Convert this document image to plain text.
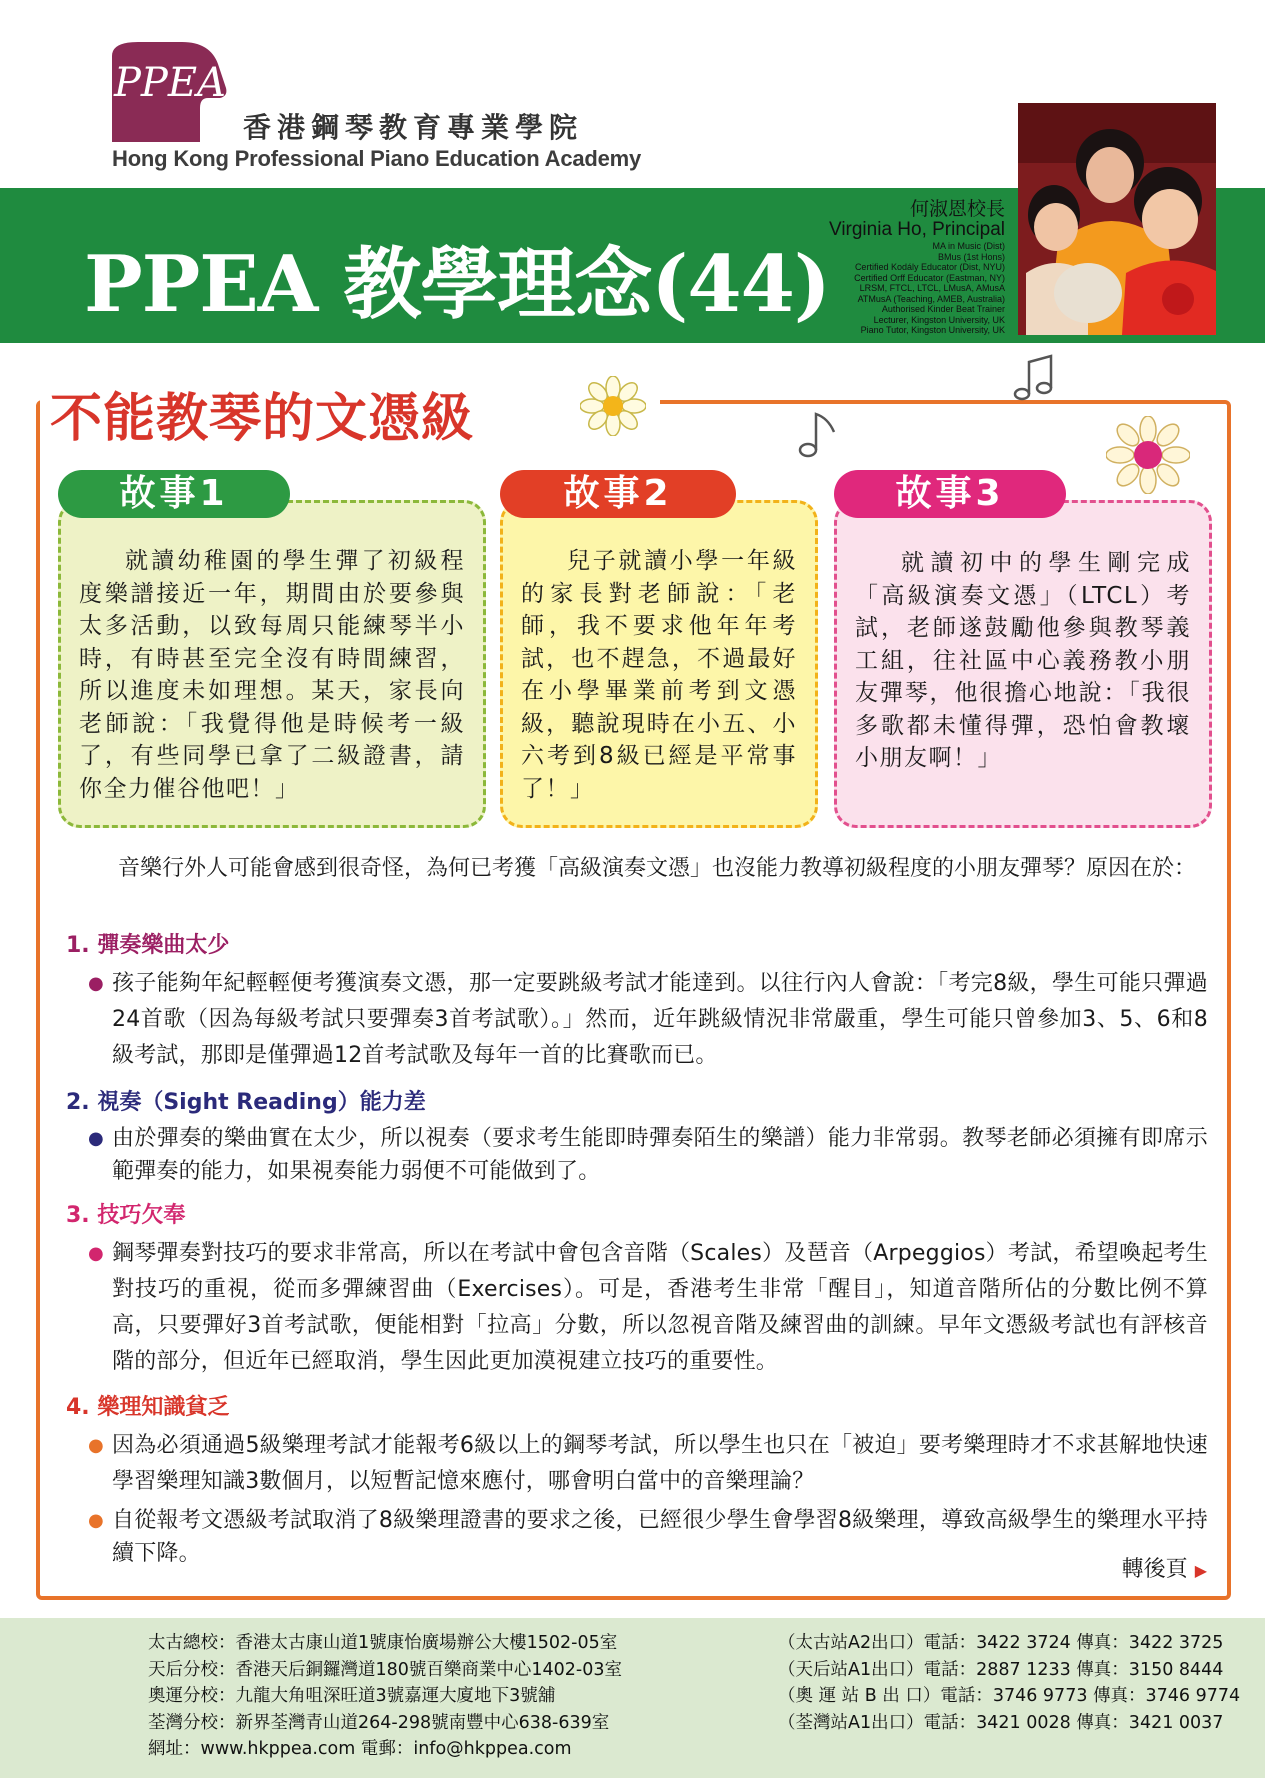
PPEA
香港鋼琴教育專業學院
Hong Kong Professional Piano Education Academy
PPEA 教學理念(44)
何淑恩校長
Virginia Ho, Principal
MA in Music (Dist)
BMus (1st Hons)
Certified Kodály Educator (Dist, NYU)
Certified Orff Educator (Eastman, NY)
LRSM, FTCL, LTCL, LMusA, AMusA
ATMusA (Teaching, AMEB, Australia)
Authorised Kinder Beat Trainer
Lecturer, Kingston University, UK
Piano Tutor, Kingston University, UK
不能教琴的文憑級

就讀幼稚園的學生彈了初級程度樂譜接近一年，期間由於要參與太多活動，以致每周只能練琴半小時，有時甚至完全沒有時間練習，所以進度未如理想。某天，家長向老師說：「我覺得他是時候考一級了，有些同學已拿了二級證書，請你全力催谷他吧！」

故事1

兒子就讀小學一年級的家長對老師說：「老師，我不要求他年年考試，也不趕急，不過最好在小學畢業前考到文憑級，聽說現時在小五、小六考到8級已經是平常事了！」

故事2

就讀初中的學生剛完成「高級演奏文憑」（LTCL）考試，老師遂鼓勵他參與教琴義工組，往社區中心義務教小朋友彈琴，他很擔心地說：「我很多歌都未懂得彈，恐怕會教壞小朋友啊！」

故事3
音樂行外人可能會感到很奇怪，為何已考獲「高級演奏文憑」也沒能力教導初級程度的小朋友彈琴？原因在於：
1. 彈奏樂曲太少
● 孩子能夠年紀輕輕便考獲演奏文憑，那一定要跳級考試才能達到。以往行內人會說：「考完8級，學生可能只彈過24首歌（因為每級考試只要彈奏3首考試歌）。」然而，近年跳級情況非常嚴重，學生可能只曾參加3、5、6和8級考試，那即是僅彈過12首考試歌及每年一首的比賽歌而已。
2. 視奏（Sight Reading）能力差
● 由於彈奏的樂曲實在太少，所以視奏（要求考生能即時彈奏陌生的樂譜）能力非常弱。教琴老師必須擁有即席示範彈奏的能力，如果視奏能力弱便不可能做到了。
3. 技巧欠奉
● 鋼琴彈奏對技巧的要求非常高，所以在考試中會包含音階（Scales）及琶音（Arpeggios）考試，希望喚起考生對技巧的重視，從而多彈練習曲（Exercises）。可是，香港考生非常「醒目」，知道音階所佔的分數比例不算高，只要彈好3首考試歌，便能相對「拉高」分數，所以忽視音階及練習曲的訓練。早年文憑級考試也有評核音階的部分，但近年已經取消，學生因此更加漠視建立技巧的重要性。
4. 樂理知識貧乏
● 因為必須通過5級樂理考試才能報考6級以上的鋼琴考試，所以學生也只在「被迫」要考樂理時才不求甚解地快速學習樂理知識3數個月，以短暫記憶來應付，哪會明白當中的音樂理論？
● 自從報考文憑級考試取消了8級樂理證書的要求之後，已經很少學生會學習8級樂理，導致高級學生的樂理水平持續下降。
轉後頁 ▶
太古總校：香港太古康山道1號康怡廣場辦公大樓1502-05室	（太古站A2出口） 電話：3422 3724 傳真：3422 3725
天后分校：香港天后銅鑼灣道180號百樂商業中心1402-03室	（天后站A1出口） 電話：2887 1233 傳真：3150 8444
奧運分校：九龍大角咀深旺道3號嘉運大廈地下3號舖	（奧 運 站 B 出 口） 電話：3746 9773 傳真：3746 9774
荃灣分校：新界荃灣青山道264-298號南豐中心638-639室	（荃灣站A1出口） 電話：3421 0028 傳真：3421 0037
網址：www.hkppea.com 電郵：info@hkppea.com
